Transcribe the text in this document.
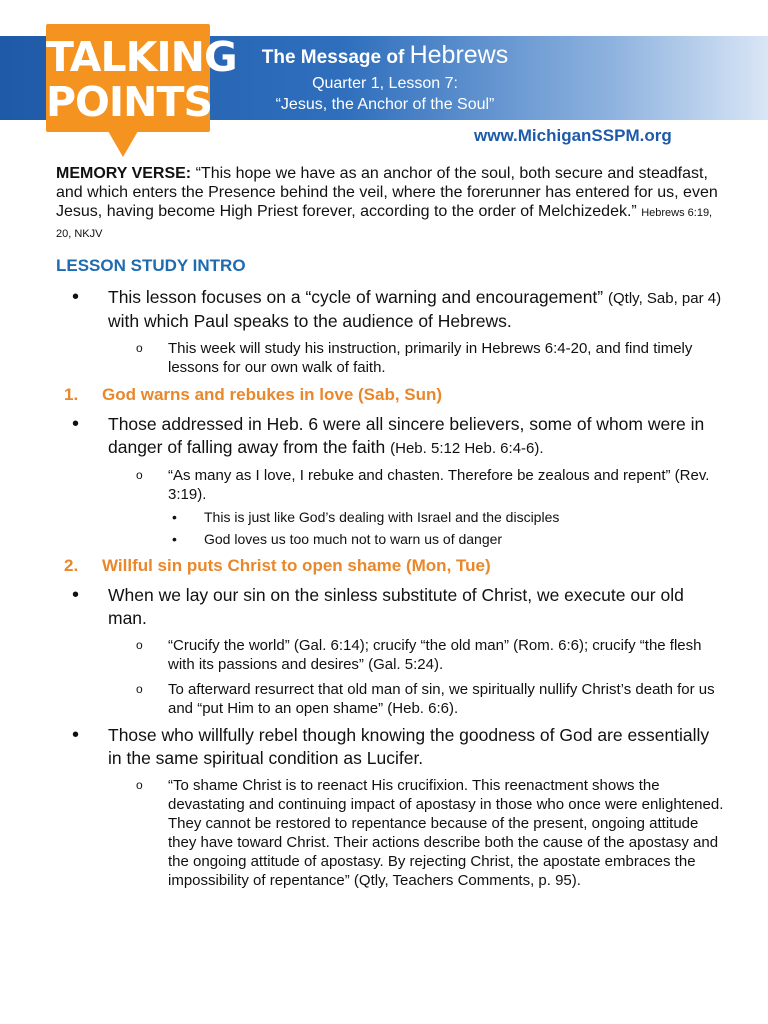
TALKING
POINTS
The Message of Hebrews
Quarter 1, Lesson 7:
“Jesus, the Anchor of the Soul”
www.MichiganSSPM.org

MEMORY VERSE: “This hope we have as an anchor of the soul, both secure and steadfast, and which enters the Presence behind the veil, where the forerunner has entered for us, even Jesus, having become High Priest forever, according to the order of Melchizedek.” Hebrews 6:19, 20, NKJV

LESSON STUDY INTRO
• This lesson focuses on a “cycle of warning and encouragement” (Qtly, Sab, par 4) with which Paul speaks to the audience of Hebrews.
o This week will study his instruction, primarily in Hebrews 6:4-20, and find timely lessons for our own walk of faith.
1. God warns and rebukes in love (Sab, Sun)
• Those addressed in Heb. 6 were all sincere believers, some of whom were in danger of falling away from the faith (Heb. 5:12 Heb. 6:4-6).
o “As many as I love, I rebuke and chasten. Therefore be zealous and repent” (Rev. 3:19).
• This is just like God’s dealing with Israel and the disciples
• God loves us too much not to warn us of danger
2. Willful sin puts Christ to open shame (Mon, Tue)
• When we lay our sin on the sinless substitute of Christ, we execute our old man.
o “Crucify the world” (Gal. 6:14); crucify “the old man” (Rom. 6:6); crucify “the flesh with its passions and desires” (Gal. 5:24).
o To afterward resurrect that old man of sin, we spiritually nullify Christ’s death for us and “put Him to an open shame” (Heb. 6:6).
• Those who willfully rebel though knowing the goodness of God are essentially in the same spiritual condition as Lucifer.
o “To shame Christ is to reenact His crucifixion. This reenactment shows the devastating and continuing impact of apostasy in those who once were enlightened. They cannot be restored to repentance because of the present, ongoing attitude they have toward Christ. Their actions describe both the cause of the apostasy and the ongoing attitude of apostasy. By rejecting Christ, the apostate embraces the impossibility of repentance” (Qtly, Teachers Comments, p. 95).
